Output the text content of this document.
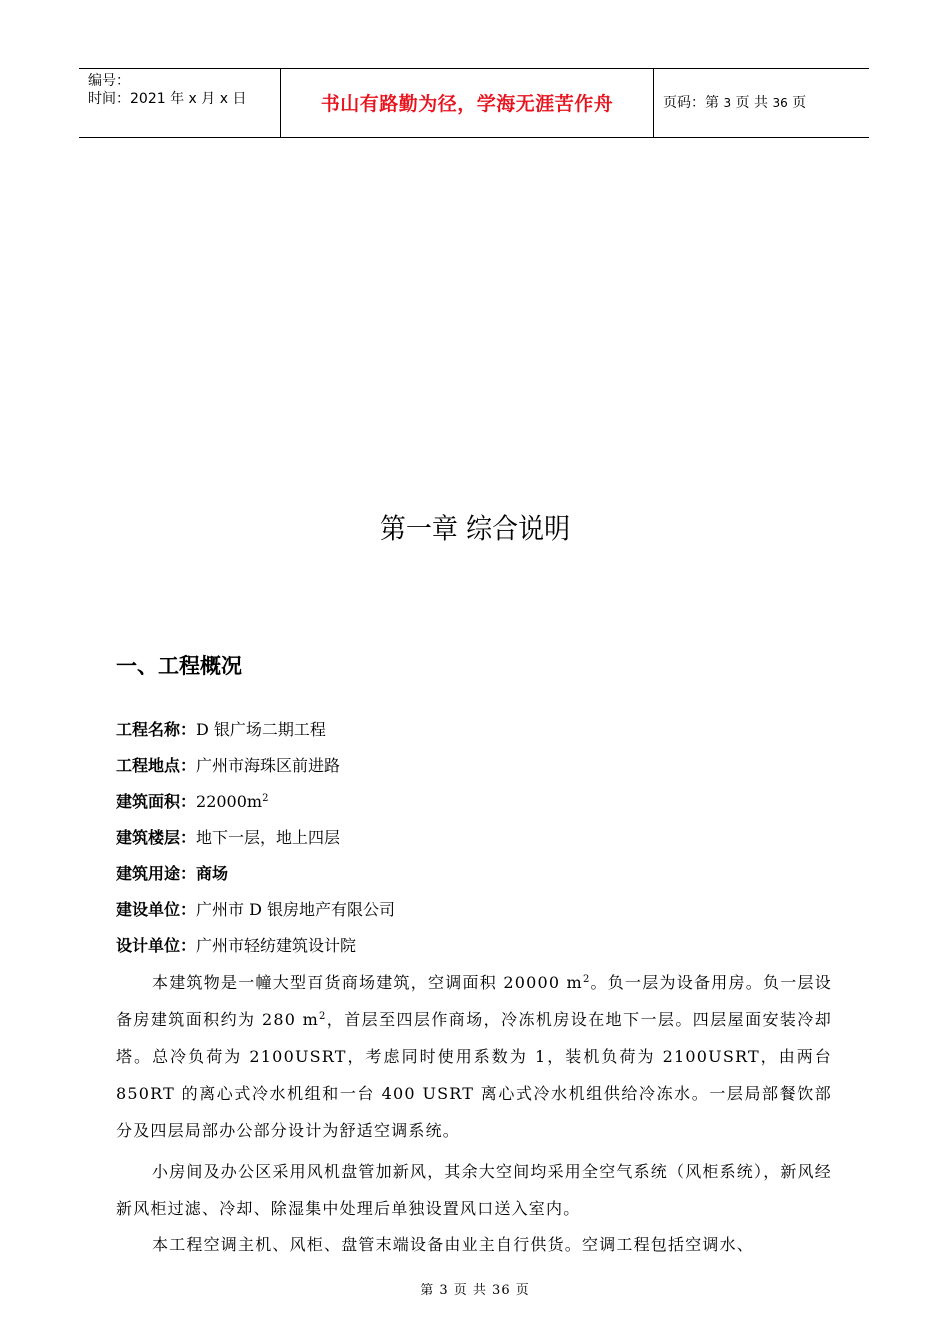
编号：
时间：2021 年 x 月 x 日	书山有路勤为径，学海无涯苦作舟	页码：第 3 页 共 36 页
第一章 综合说明
一、工程概况
工程名称：D 银广场二期工程
工程地点：广州市海珠区前进路
建筑面积：$22000m^2$
建筑楼层：地下一层，地上四层
建筑用途：商场
建设单位：广州市 D 银房地产有限公司
设计单位：广州市轻纺建筑设计院
本建筑物是一幢大型百货商场建筑，空调面积 20000 $m^2$。负一层为设备用房。负一层设备房建筑面积约为 280 $m^2$，首层至四层作商场，冷冻机房设在地下一层。四层屋面安装冷却塔。总冷负荷为 2100USRT，考虑同时使用系数为 1，装机负荷为 2100USRT，由两台 850RT 的离心式冷水机组和一台 400 USRT 离心式冷水机组供给冷冻水。一层局部餐饮部分及四层局部办公部分设计为舒适空调系统。
小房间及办公区采用风机盘管加新风，其余大空间均采用全空气系统（风柜系统），新风经新风柜过滤、冷却、除湿集中处理后单独设置风口送入室内。
本工程空调主机、风柜、盘管末端设备由业主自行供货。空调工程包括空调水、
第 3 页 共 36 页
